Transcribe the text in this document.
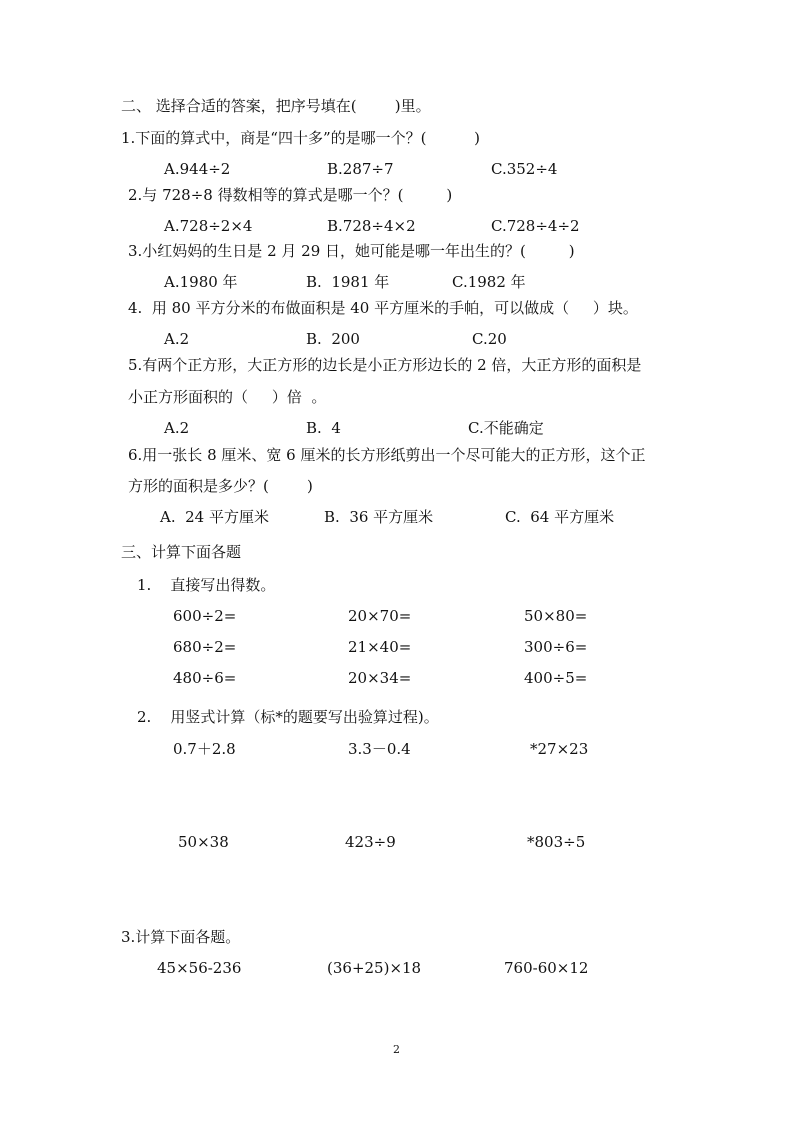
二、 选择合适的答案，把序号填在(        )里。
1.下面的算式中，商是“四十多”的是哪一个？(          )
A.944÷2	B.287÷7	C.352÷4
2.与 728÷8 得数相等的算式是哪一个？(         )
A.728÷2×4	B.728÷4×2	C.728÷4÷2
3.小红妈妈的生日是 2 月 29 日，她可能是哪一年出生的？(         )
A.1980 年	B.  1981 年	C.1982 年
4.  用 80 平方分米的布做面积是 40 平方厘米的手帕，可以做成（     ）块。
A.2	B.  200	C.20
5.有两个正方形，大正方形的边长是小正方形边长的 2 倍，大正方形的面积是
小正方形面积的（     ）倍  。
A.2	B.  4	C.不能确定
6.用一张长 8 厘米、宽 6 厘米的长方形纸剪出一个尽可能大的正方形，这个正
方形的面积是多少？(        )
A.  24 平方厘米	B.  36 平方厘米	C.  64 平方厘米
三、计算下面各题
1.    直接写出得数。
600÷2=	20×70=	50×80=
680÷2=	21×40=	300÷6=
480÷6=	20×34=	400÷5=
2.    用竖式计算（标*的题要写出验算过程)。
0.7＋2.8	3.3－0.4	*27×23
50×38	423÷9	*803÷5
3.计算下面各题。
45×56-236	(36+25)×18	760-60×12
2
